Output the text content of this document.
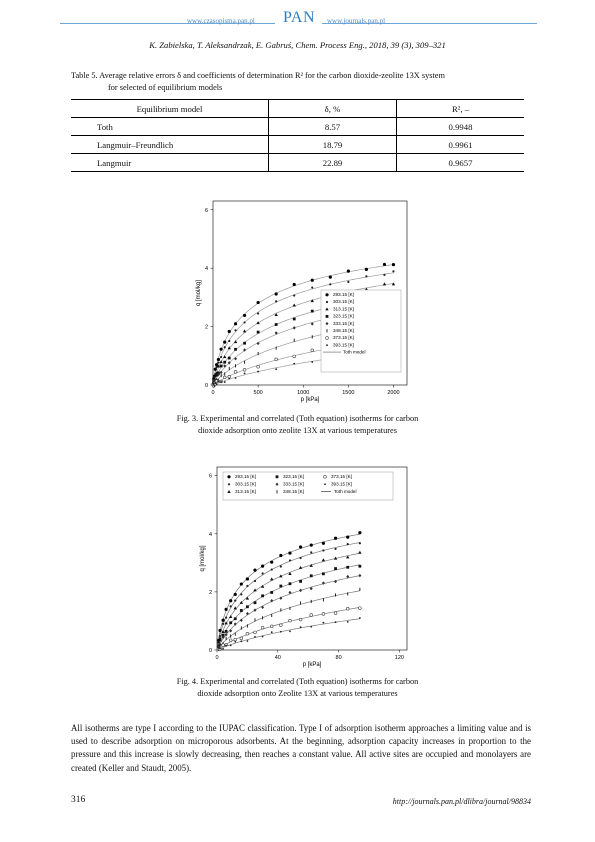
www.czasopisma.pan.pl PAN www.journals.pan.pl
K. Zabielska, T. Aleksandrzak, E. Gabruś, Chem. Process Eng., 2018, 39 (3), 309–321
Table 5. Average relative errors δ and coefficients of determination R² for the carbon dioxide-zeolite 13X system
for selected of equilibrium models
Equilibrium model	δ, %	R², –
Toth	8.57	0.9948
Langmuir–Freundlich	18.79	0.9961
Langmuir	22.89	0.9657
0	500	1000	1500	2000
0
2
4
6
p [kPa]
q [mol/kg]	293.15 [K]
303.15 [K]
313.15 [K]
323.15 [K]
333.15 [K]
348.15 [K]
373.15 [K]
393.15 [K]
Toth model
Fig. 3. Experimental and correlated (Toth equation) isotherms for carbon
dioxide adsorption onto zeolite 13X at various temperatures
0	40	80	120
0
2
4
6
p [kPa]
q [mol/kg]
293.15 [K]
303.15 [K]
313.15 [K]
323.15 [K]
333.15 [K]
348.15 [K]
373.15 [K]
393.15 [K]
Toth model
Fig. 4. Experimental and correlated (Toth equation) isotherms for carbon
dioxide adsorption onto Zeolite 13X at various temperatures
All isotherms are type I according to the IUPAC classification. Type I of adsorption isotherm approaches a limiting value and is used to describe adsorption on microporous adsorbents. At the beginning, adsorption capacity increases in proportion to the pressure and this increase is slowly decreasing, then reaches a constant value. All active sites are occupied and monolayers are created (Keller and Staudt, 2005).
316	http://journals.pan.pl/dlibra/journal/98834
